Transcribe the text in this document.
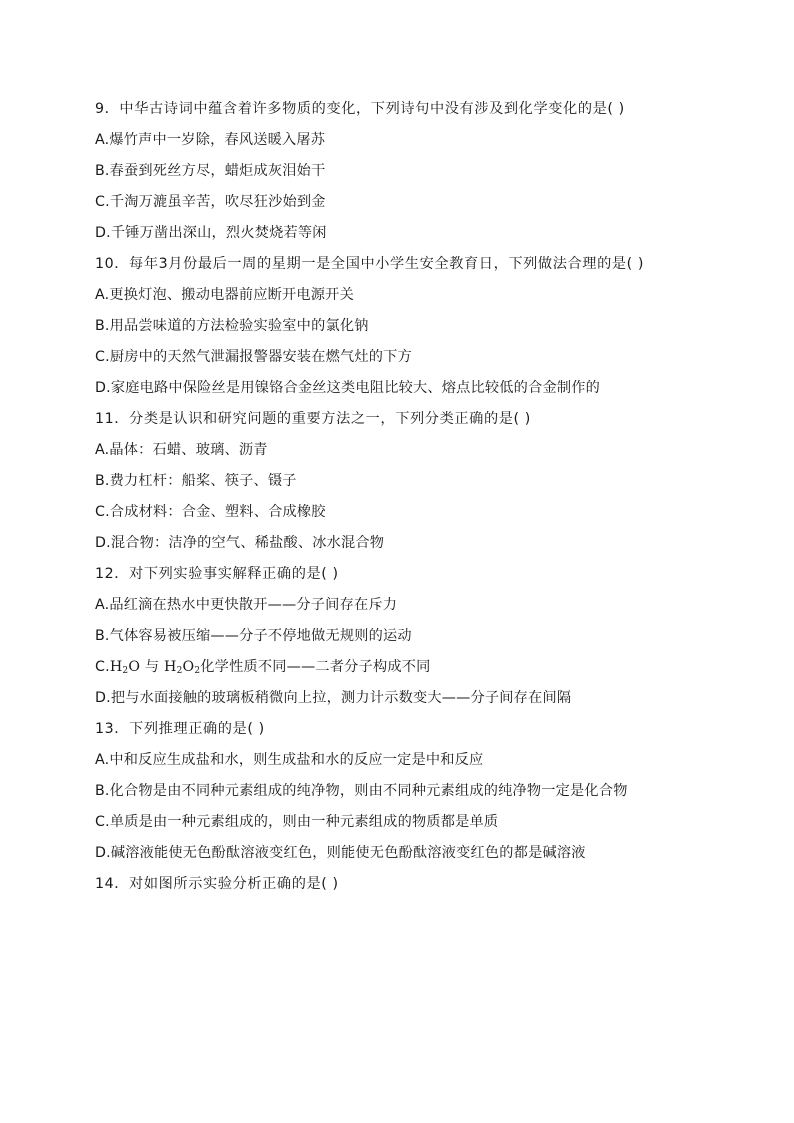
9．中华古诗词中蕴含着许多物质的变化，下列诗句中没有涉及到化学变化的是( )
A.爆竹声中一岁除，春风送暖入屠苏
B.春蚕到死丝方尽，蜡炬成灰泪始干
C.千淘万漉虽辛苦，吹尽狂沙始到金
D.千锤万凿出深山，烈火焚烧若等闲
10．每年3月份最后一周的星期一是全国中小学生安全教育日，下列做法合理的是( )
A.更换灯泡、搬动电器前应断开电源开关
B.用品尝味道的方法检验实验室中的氯化钠
C.厨房中的天然气泄漏报警器安装在燃气灶的下方
D.家庭电路中保险丝是用镍铬合金丝这类电阻比较大、熔点比较低的合金制作的
11．分类是认识和研究问题的重要方法之一，下列分类正确的是( )
A.晶体：石蜡、玻璃、沥青
B.费力杠杆：船桨、筷子、镊子
C.合成材料：合金、塑料、合成橡胶
D.混合物：洁净的空气、稀盐酸、冰水混合物
12．对下列实验事实解释正确的是( )
A.品红滴在热水中更快散开——分子间存在斥力
B.气体容易被压缩——分子不停地做无规则的运动
$C.H_2O$ 与 $H_2O_2$化学性质不同——二者分子构成不同
D.把与水面接触的玻璃板稍微向上拉，测力计示数变大——分子间存在间隔
13．下列推理正确的是( )
A.中和反应生成盐和水，则生成盐和水的反应一定是中和反应
B.化合物是由不同种元素组成的纯净物，则由不同种元素组成的纯净物一定是化合物
C.单质是由一种元素组成的，则由一种元素组成的物质都是单质
D.碱溶液能使无色酚酞溶液变红色，则能使无色酚酞溶液变红色的都是碱溶液
14．对如图所示实验分析正确的是( )
